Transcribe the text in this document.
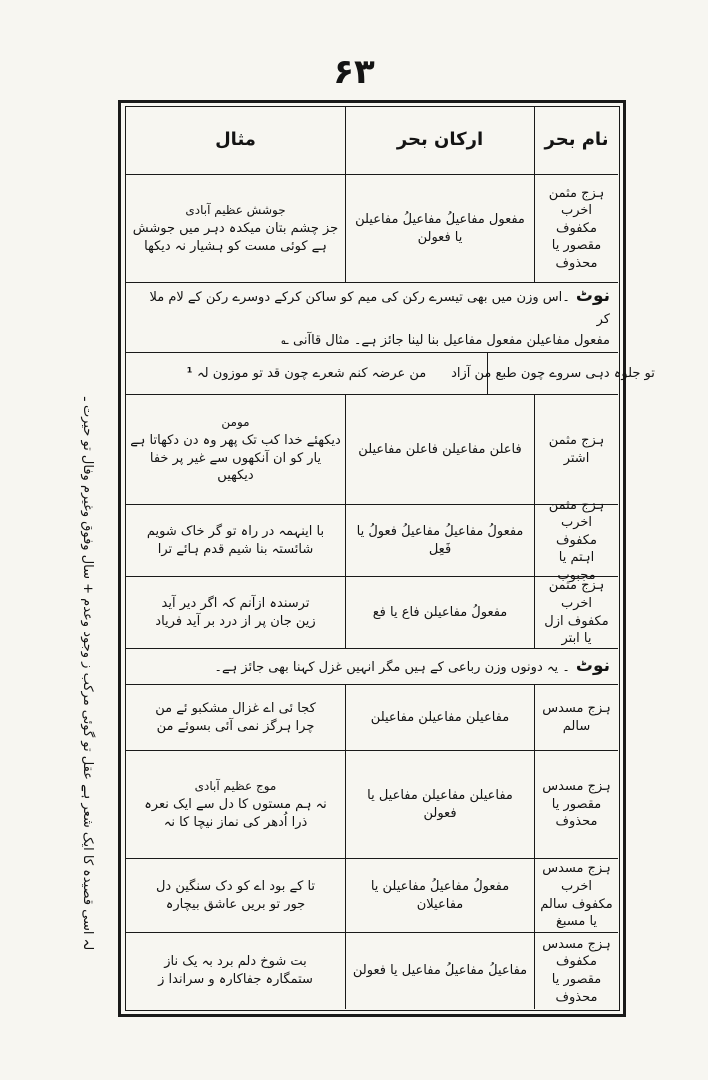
۶۳
لہ اسی قصیدہ کا ایک شعر ہے عقل تو گوئی مرکب ز وجود وعدم + سال وفوق وغیرم وفال تو حیرت ـ
نام بحر
ارکان بحر
مثال
ہزج مثمن اخرب
مکفوف مقصور یا محذوف
مفعول مفاعیلُ مفاعیلُ مفاعیلن یا فعولن
جوشش عظیم آبادی
جز چشم بتان میکدہ دہر میں جوشش
ہے کوئی مست کو ہشیار نہ دیکھا
نوٹ۔اس وزن میں بھی تیسرے رکن کی میم کو ساکن کرکے دوسرے رکن کے لام ملا کر
مفعول مفاعیلن مفعول مفاعیل بنا لینا جائز ہے۔ مثال قاآنی ؎
تو جلوہ دہی سروے چون طبع من آزاد
من عرضہ کنم شعرے چون قد تو موزون لہ ¹
ہزج مثمن
اشتر
فاعلن مفاعیلن فاعلن مفاعیلن
مومن
دیکھئے خدا کب تک پھر وہ دن دکھاتا ہے
یار کو ان آنکھوں سے غیر پر خفا دیکھیں
ہزج مثمن اخرب مکفوف
اہتم یا مجبوب
مفعولُ مفاعیلُ مفاعیلُ فعولُ یا فَعِل
با اینہمہ در راہ تو گر خاک شویم
شائستہ بنا شیم قدم ہائے ترا
ہزج مثمن اخرب
مکفوف ازل یا ابتر
مفعولُ مفاعیلن فاع یا فع
ترسندہ ازآنم کہ اگر دیر آید
زین جان پر از درد بر آید فریاد
نوٹ۔ یہ دونوں وزن رباعی کے ہیں مگر انہیں غزل کہنا بھی جائز ہے۔
ہزج مسدس
سالم
مفاعیلن مفاعیلن مفاعیلن
کجا ئی اے غزال مشکبو ئے من
چرا ہرگز نمی آئی بسوئے من
ہزج مسدس
مقصور یا محذوف
مفاعیلن مفاعیلن مفاعیل یا فعولن
موج عظیم آبادی
نہ ہم مستوں کا دل سے ایک نعرہ
ذرا اُدھر کی نماز نیچا کا نہ
ہزج مسدس اخرب
مکفوف سالم یا مسبغ
مفعولُ مفاعیلُ مفاعیلن یا مفاعیلان
تا کے بود اے کو دک سنگین دل
جور تو بریں عاشق بیچارہ
ہزج مسدس مکفوف
مقصور یا محذوف
مفاعیلُ مفاعیلُ مفاعیل یا فعولن
بت شوخ دلم برد بہ یک ناز
ستمگارہ جفاکارہ و سراندا ز
